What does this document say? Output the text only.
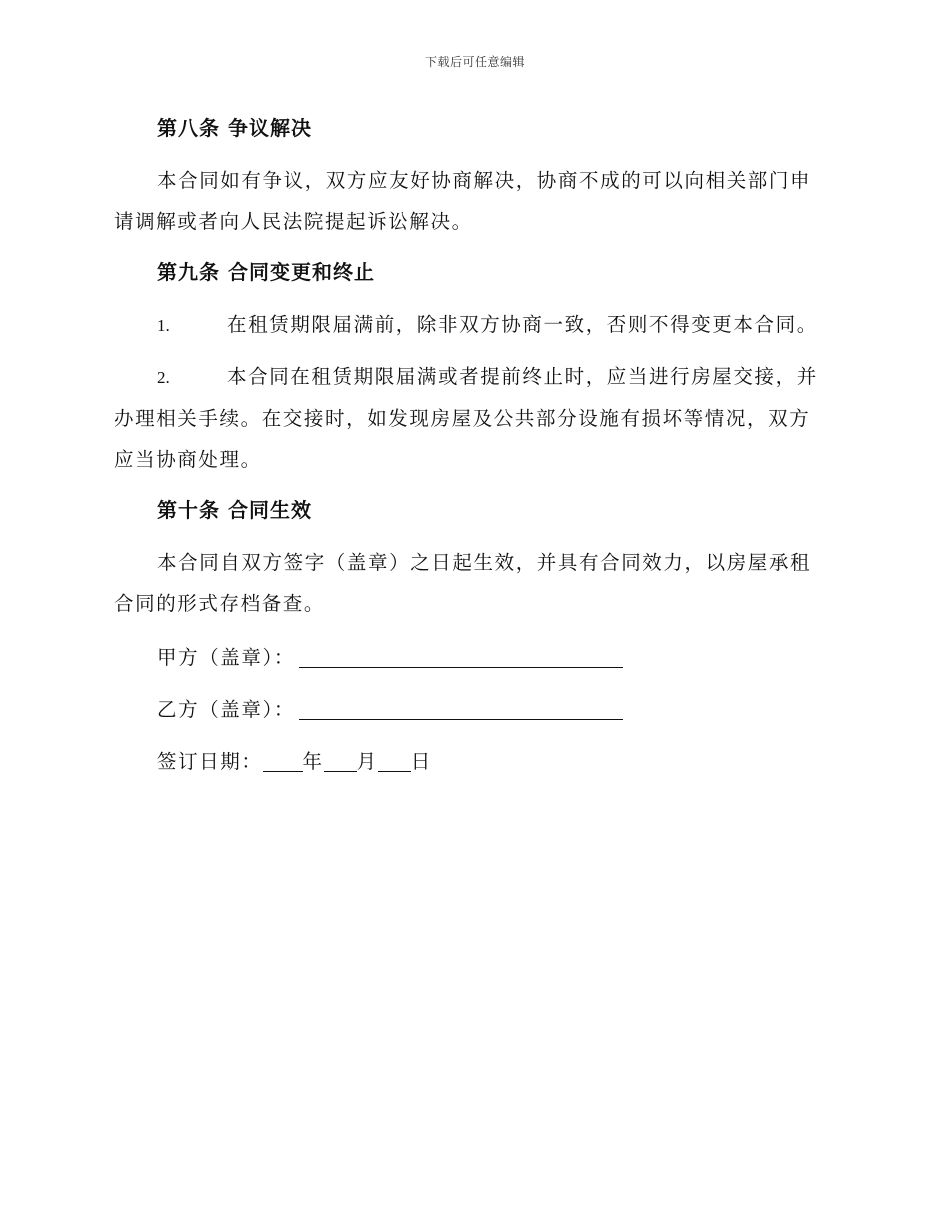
下载后可任意编辑
第八条 争议解决

本合同如有争议，双方应友好协商解决，协商不成的可以向相关部门申请调解或者向人民法院提起诉讼解决。

第九条 合同变更和终止

1.	在租赁期限届满前，除非双方协商一致，否则不得变更本合同。

2.	本合同在租赁期限届满或者提前终止时，应当进行房屋交接，并办理相关手续。在交接时，如发现房屋及公共部分设施有损坏等情况，双方应当协商处理。

第十条 合同生效

本合同自双方签字（盖章）之日起生效，并具有合同效力，以房屋承租合同的形式存档备查。

甲方（盖章）：
乙方（盖章）：
签订日期： 年 月 日
